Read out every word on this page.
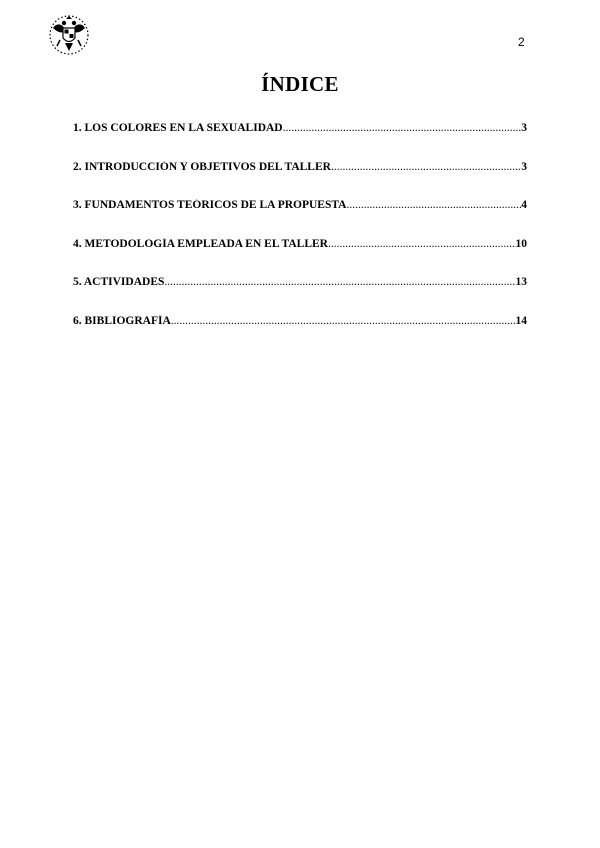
2
ÍNDICE
1. LOS COLORES EN LA SEXUALIDAD .....	3
2. INTRODUCCIÓN Y OBJETIVOS DEL TALLER .....	3
3. FUNDAMENTOS TEÓRICOS DE LA PROPUESTA .....	4
4. METODOLOGÍA EMPLEADA EN EL TALLER .....	10
5. ACTIVIDADES .....	13
6. BIBLIOGRAFÍA .....	14
